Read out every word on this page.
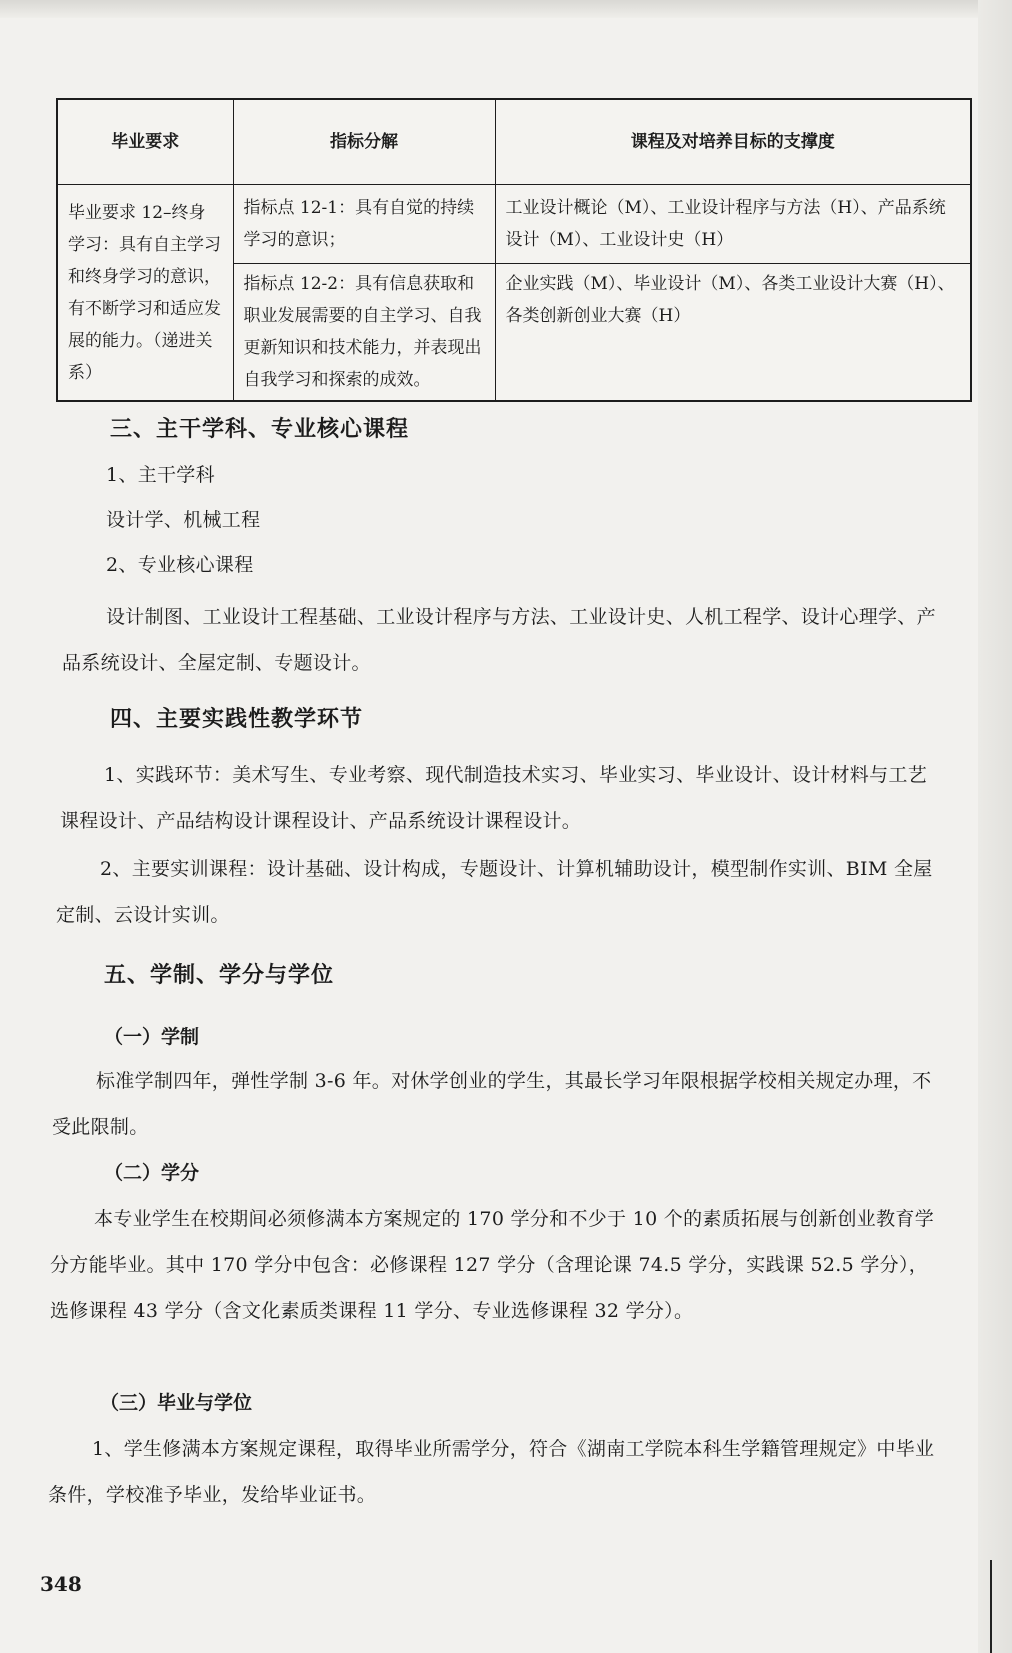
毕业要求	指标分解	课程及对培养目标的支撑度
毕业要求 12–终身学习：具有自主学习和终身学习的意识，有不断学习和适应发展的能力。（递进关系）	指标点 12-1：具有自觉的持续学习的意识；	工业设计概论（M）、工业设计程序与方法（H）、产品系统设计（M）、工业设计史（H）
	指标点 12-2：具有信息获取和职业发展需要的自主学习、自我更新知识和技术能力，并表现出自我学习和探索的成效。	企业实践（M）、毕业设计（M）、各类工业设计大赛（H）、各类创新创业大赛（H）
三、主干学科、专业核心课程

1、主干学科

设计学、机械工程

2、专业核心课程

设计制图、工业设计工程基础、工业设计程序与方法、工业设计史、人机工程学、设计心理学、产品系统设计、全屋定制、专题设计。

四、主要实践性教学环节

1、实践环节：美术写生、专业考察、现代制造技术实习、毕业实习、毕业设计、设计材料与工艺课程设计、产品结构设计课程设计、产品系统设计课程设计。

2、主要实训课程：设计基础、设计构成，专题设计、计算机辅助设计，模型制作实训、BIM 全屋定制、云设计实训。

五、学制、学分与学位
（一）学制

标准学制四年，弹性学制 3-6 年。对休学创业的学生，其最长学习年限根据学校相关规定办理，不受此限制。

（二）学分

本专业学生在校期间必须修满本方案规定的 170 学分和不少于 10 个的素质拓展与创新创业教育学分方能毕业。其中 170 学分中包含：必修课程 127 学分（含理论课 74.5 学分，实践课 52.5 学分），选修课程 43 学分（含文化素质类课程 11 学分、专业选修课程 32 学分）。

（三）毕业与学位

1、学生修满本方案规定课程，取得毕业所需学分，符合《湖南工学院本科生学籍管理规定》中毕业条件，学校准予毕业，发给毕业证书。

348
